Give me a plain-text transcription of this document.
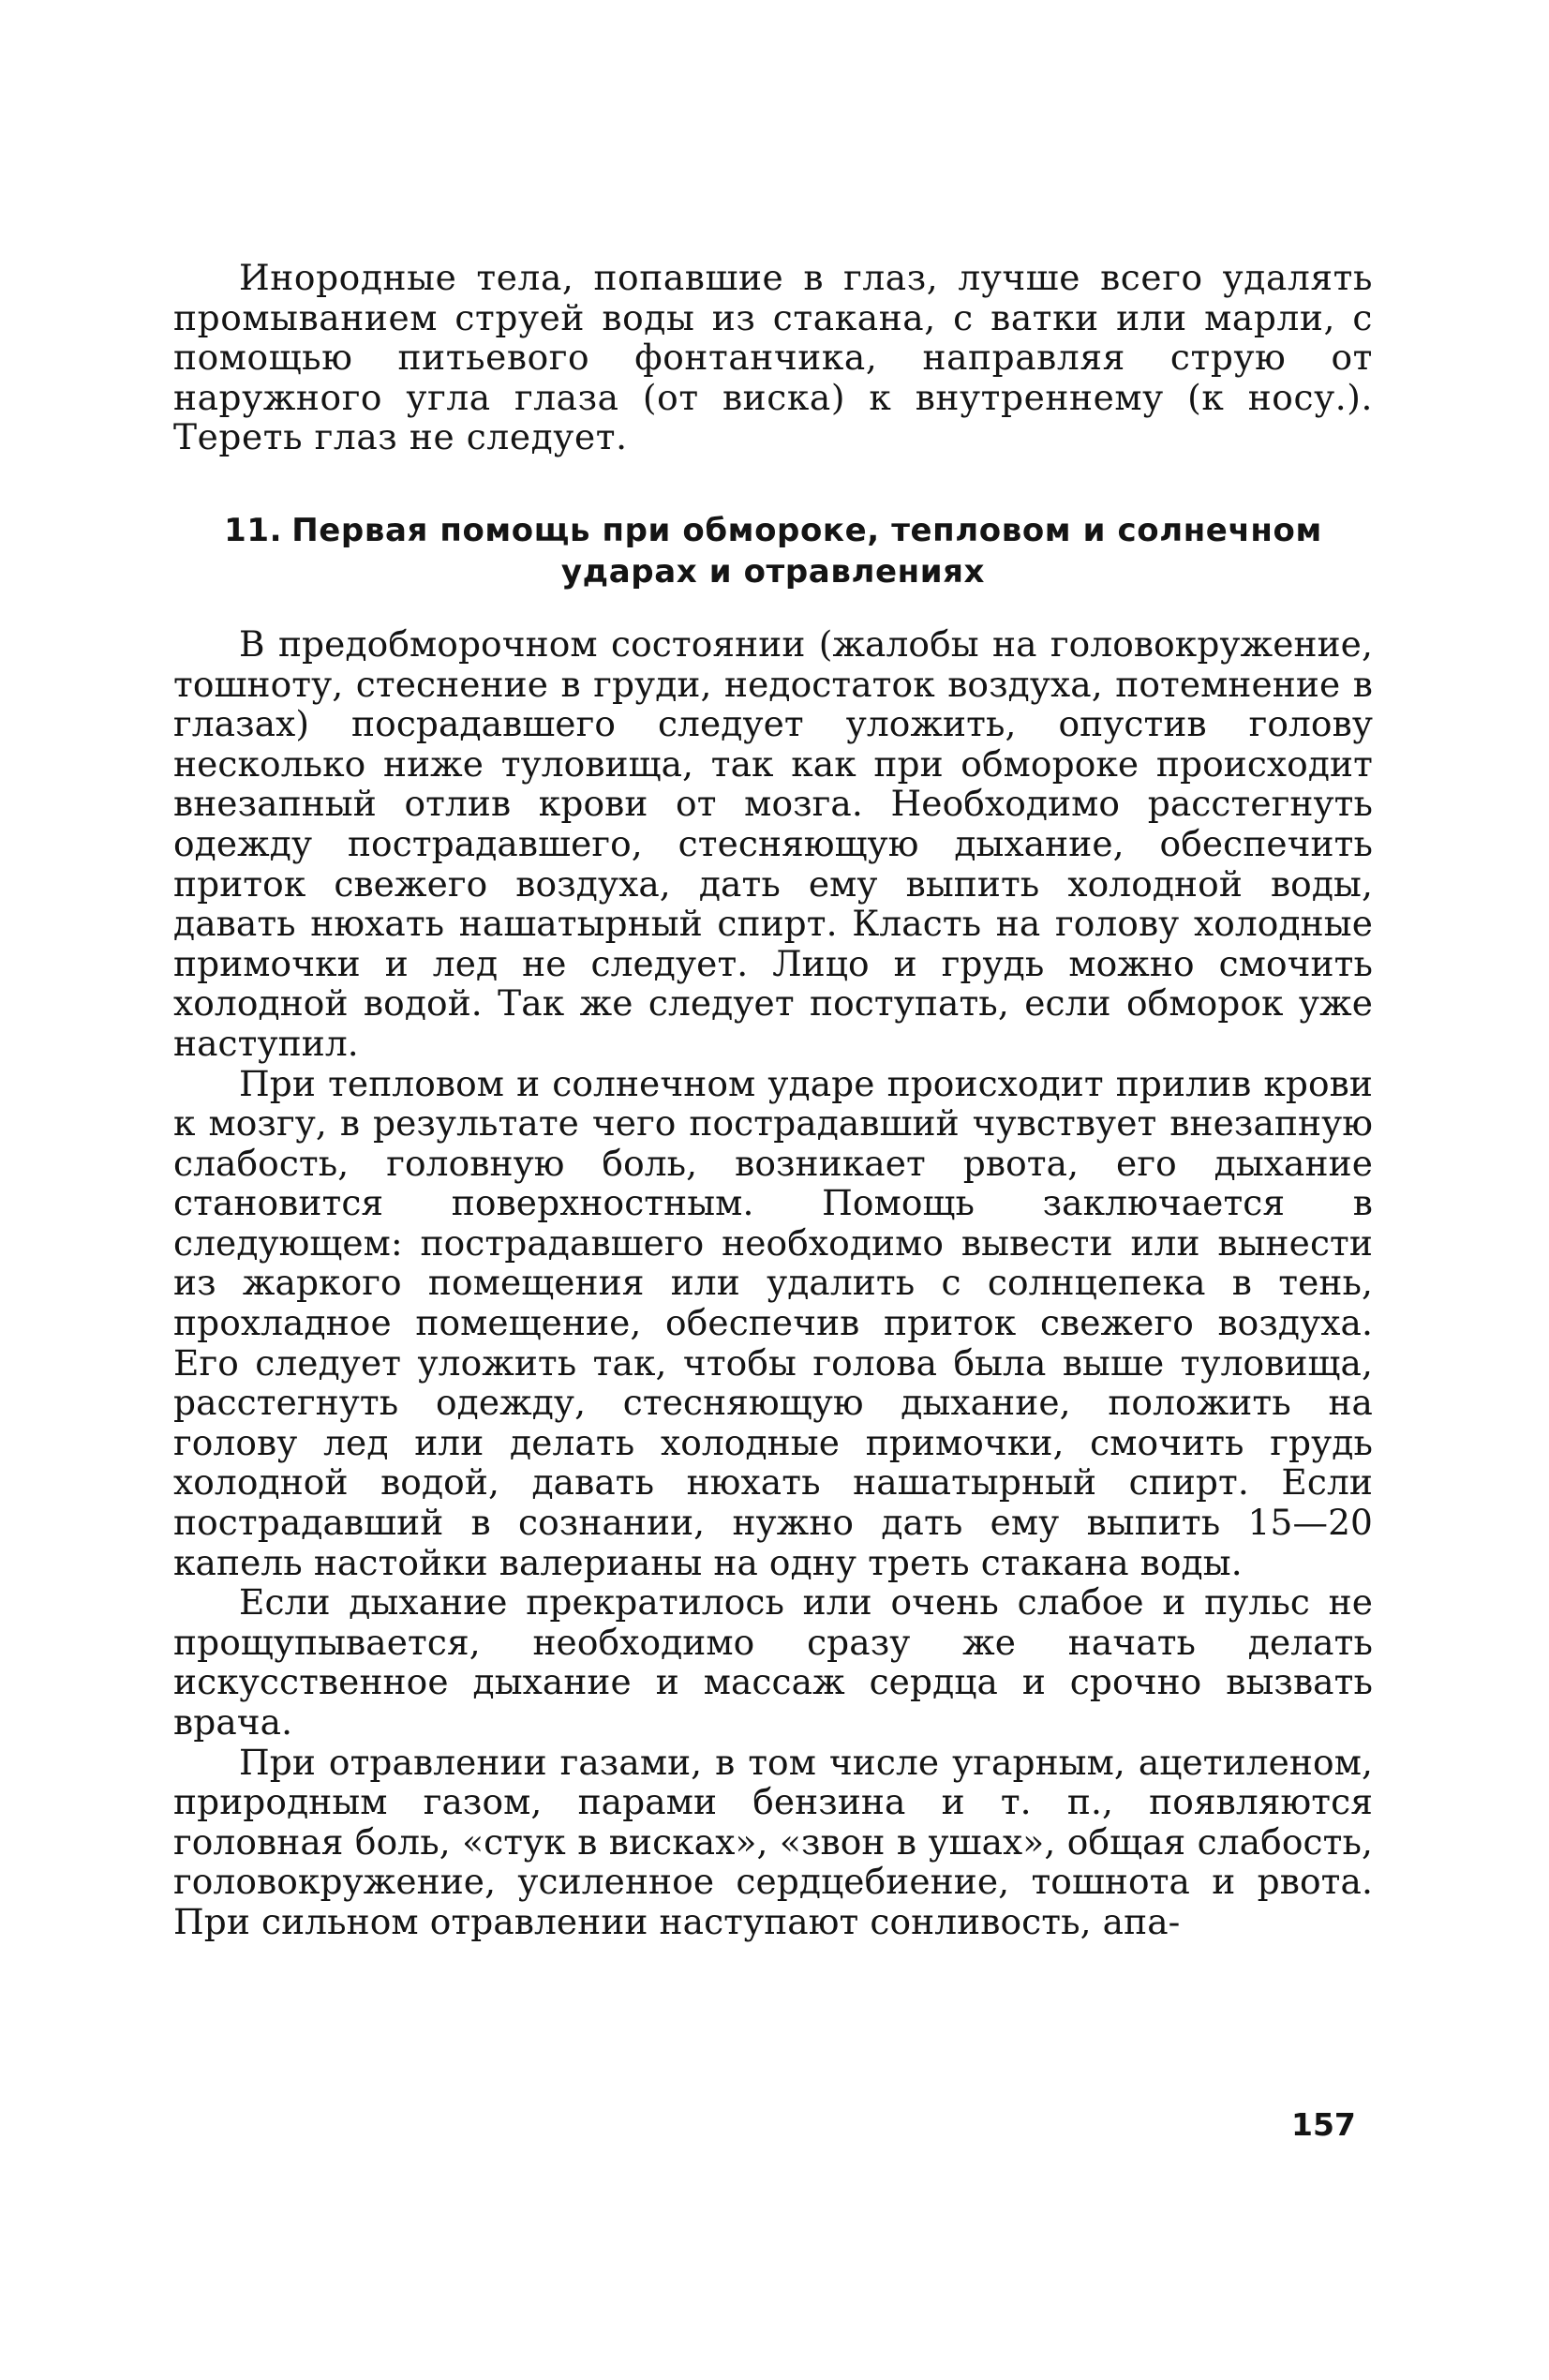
Инородные тела, попавшие в глаз, лучше всего удалять промыванием струей воды из стакана, с ватки или марли, с помощью питьевого фонтанчика, направляя струю от наружного угла глаза (от виска) к внутреннему (к носу.). Тереть глаз не следует.

11. Первая помощь при обмороке, тепловом и солнечном
ударах и отравлениях

В предобморочном состоянии (жалобы на головокружение, тошноту, стеснение в груди, недостаток воздуха, потемнение в глазах) посрадавшего следует уложить, опустив голову несколько ниже туловища, так как при обмороке происходит внезапный отлив крови от мозга. Необходимо расстегнуть одежду пострадавшего, стесняющую дыхание, обеспечить приток свежего воздуха, дать ему выпить холодной воды, давать нюхать нашатырный спирт. Класть на голову холодные примочки и лед не следует. Лицо и грудь можно смочить холодной водой. Так же следует поступать, если обморок уже наступил.

При тепловом и солнечном ударе происходит прилив крови к мозгу, в результате чего пострадавший чувствует внезапную слабость, головную боль, возникает рвота, его дыхание становится поверхностным. Помощь заключается в следующем: пострадавшего необходимо вывести или вынести из жаркого помещения или удалить с солнцепека в тень, прохладное помещение, обеспечив приток свежего воздуха. Его следует уложить так, чтобы голова была выше туловища, расстегнуть одежду, стесняющую дыхание, положить на голову лед или делать холодные примочки, смочить грудь холодной водой, давать нюхать нашатырный спирт. Если пострадавший в сознании, нужно дать ему выпить 15—20 капель настойки валерианы на одну треть стакана воды.

Если дыхание прекратилось или очень слабое и пульс не прощупывается, необходимо сразу же начать делать искусственное дыхание и массаж сердца и срочно вызвать врача.

При отравлении газами, в том числе угарным, ацетиленом, природным газом, парами бензина и т. п., появляются головная боль, «стук в висках», «звон в ушах», общая слабость, головокружение, усиленное сердцебиение, тошнота и рвота. При сильном отравлении наступают сонливость, апа-

157
